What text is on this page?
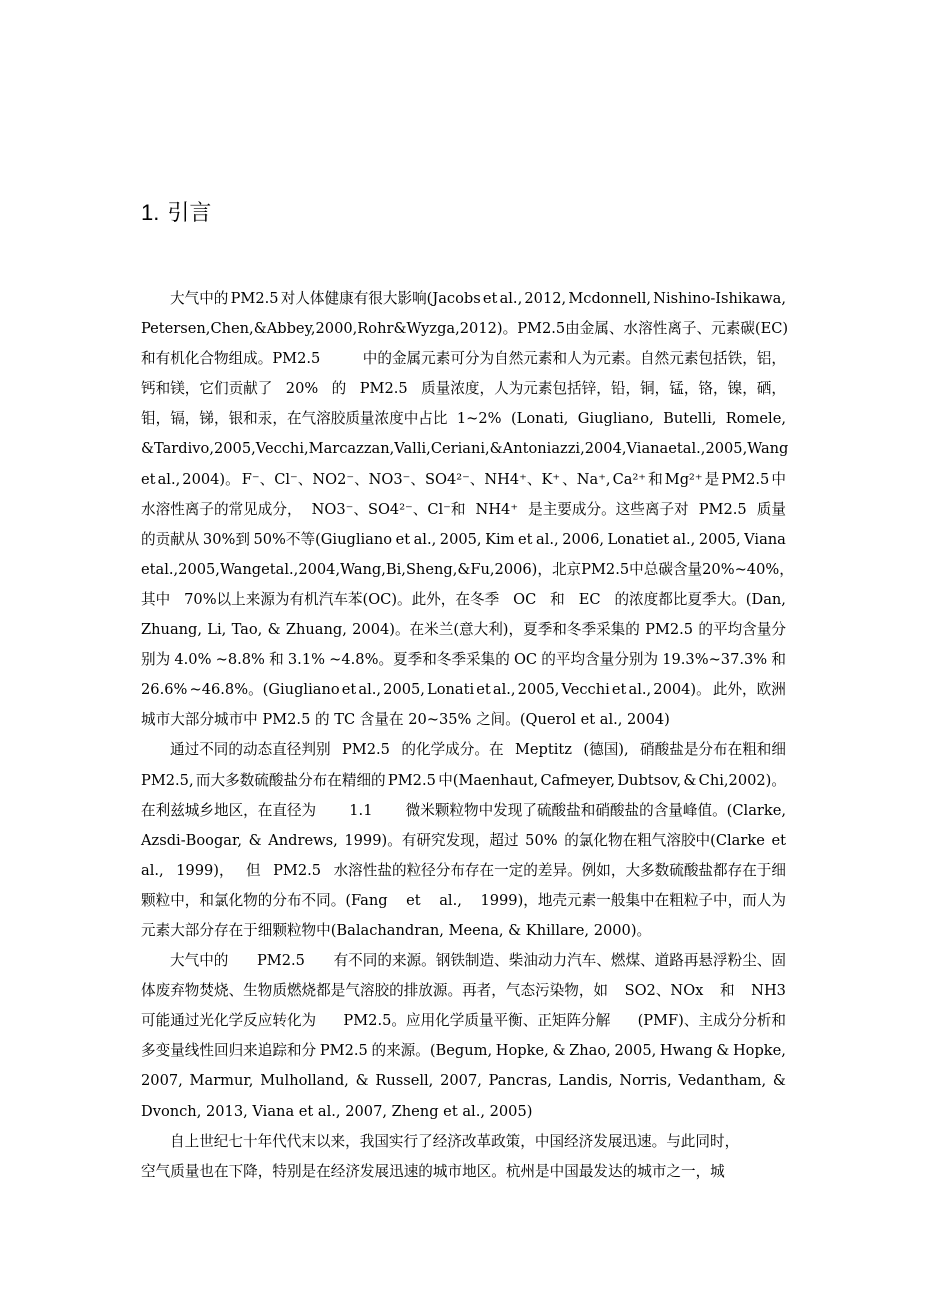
1. 引言
大气中的 PM2.5 对人体健康有很大影响(Jacobs et al., 2012, Mcdonnell, Nishino-Ishikawa,
Petersen, Chen, & Abbey, 2000, Rohr & Wyzga, 2012) 。PM2.5 由金属、水溶性离子、元素碳 (EC)
和有机化合物组成。PM2.5	中的金属元素可分为自然元素和人为元素。自然元素包括铁，铝，
钙和镁，它们贡献了 20% 的 PM2.5 质量浓度，人为元素包括锌，铅，铜，锰，铬，镍，硒，
钼，镉，锑，银和汞，在气溶胶质量浓度中占比 1~2% (Lonati, Giugliano, Butelli, Romele,
& Tardivo, 2005, Vecchi, Marcazzan, Valli, Ceriani, & Antoniazzi, 2004, Viana et al., 2005, Wang
et al., 2004)。 F⁻、Cl⁻、NO2⁻、NO3⁻、SO4²⁻、NH4⁺、K⁺ 、Na⁺, Ca²⁺ 和 Mg²⁺ 是 PM2.5 中
水溶性离子的常见成分， NO3⁻、SO4²⁻、Cl⁻和 NH4⁺ 是主要成分。这些离子对 PM2.5 质量
的贡献从 30%到 50%不等(Giugliano et al., 2005, Kim et al., 2006, Lonatiet al., 2005, Viana
et al., 2005, Wang et al., 2004, Wang, Bi, Sheng, & Fu, 2006)，北京 PM2.5 中总碳含量 20% ~40%，
其中 70%以上来源为有机汽车苯(OC)。此外，在冬季 OC 和 EC 的浓度都比夏季大。(Dan,
Zhuang, Li, Tao, & Zhuang, 2004)。在米兰(意大利)，夏季和冬季采集的 PM2.5 的平均含量分
别为 4.0% ~8.8% 和 3.1% ~4.8%。夏季和冬季采集的 OC 的平均含量分别为 19.3%~37.3% 和
26.6% ~46.8%。(Giugliano et al., 2005, Lonati et al., 2005, Vecchi et al., 2004)。 此外，欧洲
城市大部分城市中 PM2.5 的 TC 含量在 20~35% 之间。(Querol et al., 2004)
通过不同的动态直径判别 PM2.5 的化学成分。在 Meptitz (德国), 硝酸盐是分布在粗和细
PM2.5, 而大多数硫酸盐分布在精细的 PM2.5 中(Maenhaut, Cafmeyer, Dubtsov, & Chi,2002)。
在利兹城乡地区，在直径为 1.1 微米颗粒物中发现了硫酸盐和硝酸盐的含量峰值。(Clarke,
Azsdi-Boogar, & Andrews, 1999)。有研究发现，超过 50% 的氯化物在粗气溶胶中(Clarke et
al., 1999)， 但 PM2.5 水溶性盐的粒径分布存在一定的差异。例如，大多数硫酸盐都存在于细
颗粒中，和氯化物的分布不同。(Fang et al., 1999)，地壳元素一般集中在粗粒子中，而人为
元素大部分存在于细颗粒物中(Balachandran, Meena, & Khillare, 2000)。
大气中的 PM2.5 有不同的来源。钢铁制造、柴油动力汽车、燃煤、道路再悬浮粉尘、固
体废弃物焚烧、生物质燃烧都是气溶胶的排放源。再者，气态污染物，如 SO2、NOx 和 NH3
可能通过光化学反应转化为 PM2.5。应用化学质量平衡、正矩阵分解 (PMF)、主成分分析和
多变量线性回归来追踪和分 PM2.5 的来源。(Begum, Hopke, & Zhao, 2005, Hwang & Hopke,
2007, Marmur, Mulholland, & Russell, 2007, Pancras, Landis, Norris, Vedantham, &
Dvonch, 2013, Viana et al., 2007, Zheng et al., 2005)
自上世纪七十年代代末以来，我国实行了经济改革政策，中国经济发展迅速。与此同时，
空气质量也在下降，特别是在经济发展迅速的城市地区。杭州是中国最发达的城市之一，城
